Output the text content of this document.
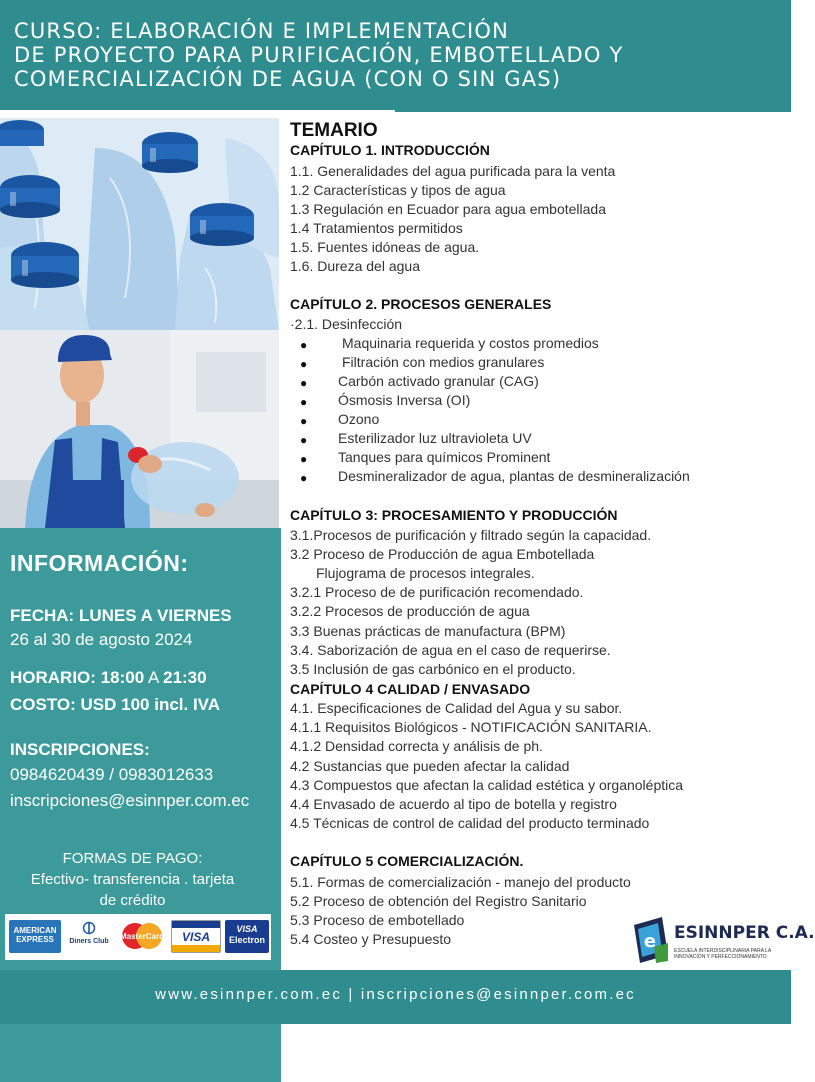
CURSO: ELABORACIÓN E IMPLEMENTACIÓN
DE PROYECTO PARA PURIFICACIÓN, EMBOTELLADO Y
COMERCIALIZACIÓN DE AGUA (CON O SIN GAS)
INFORMACIÓN:
FECHA: LUNES A VIERNES
26 al 30 de agosto 2024
HORARIO: 18:00 A 21:30
COSTO: USD 100 incl. IVA
INSCRIPCIONES:
0984620439 / 0983012633
inscripciones@esinnper.com.ec
FORMAS DE PAGO:
Efectivo- transferencia . tarjeta
de crédito
AMERICAN
EXPRESS	Diners Club
MasterCard VISA
VISA
Electron
TEMARIO
CAPÍTULO 1. INTRODUCCIÓN
1.1. Generalidades del agua purificada para la venta
1.2 Características y tipos de agua
1.3 Regulación en Ecuador para agua embotellada
1.4 Tratamientos permitidos
1.5. Fuentes idóneas de agua.
1.6. Dureza del agua
CAPÍTULO 2. PROCESOS GENERALES
·2.1. Desinfección
● Maquinaria requerida y costos promedios
● Filtración con medios granulares
● Carbón activado granular (CAG)
● Ósmosis Inversa (OI)
● Ozono
● Esterilizador luz ultravioleta UV
● Tanques para químicos Prominent
● Desmineralizador de agua, plantas de desmineralización
CAPÍTULO 3: PROCESAMIENTO Y PRODUCCIÓN
3.1.Procesos de purificación y filtrado según la capacidad.
3.2 Proceso de Producción de agua Embotellada
Flujograma de procesos integrales.
3.2.1 Proceso de de purificación recomendado.
3.2.2 Procesos de producción de agua
3.3 Buenas prácticas de manufactura (BPM)
3.4. Saborización de agua en el caso de requerirse.
3.5 Inclusión de gas carbónico en el producto.
CAPÍTULO 4 CALIDAD / ENVASADO
4.1. Especificaciones de Calidad del Agua y su sabor.
4.1.1 Requisitos Biológicos - NOTIFICACIÓN SANITARIA.
4.1.2 Densidad correcta y análisis de ph.
4.2 Sustancias que pueden afectar la calidad
4.3 Compuestos que afectan la calidad estética y organoléptica
4.4 Envasado de acuerdo al tipo de botella y registro
4.5 Técnicas de control de calidad del producto terminado
CAPÍTULO 5 COMERCIALIZACIÓN.
5.1. Formas de comercialización - manejo del producto
5.2 Proceso de obtención del Registro Sanitario
5.3 Proceso de embotellado
5.4 Costeo y Presupuesto	e ESINNPER C.A.
ESCUELA INTERDISCIPLINARIA PARA LA INNOVACIÓN Y PERFECCIONAMIENTO
www.esinnper.com.ec | inscripciones@esinnper.com.ec
